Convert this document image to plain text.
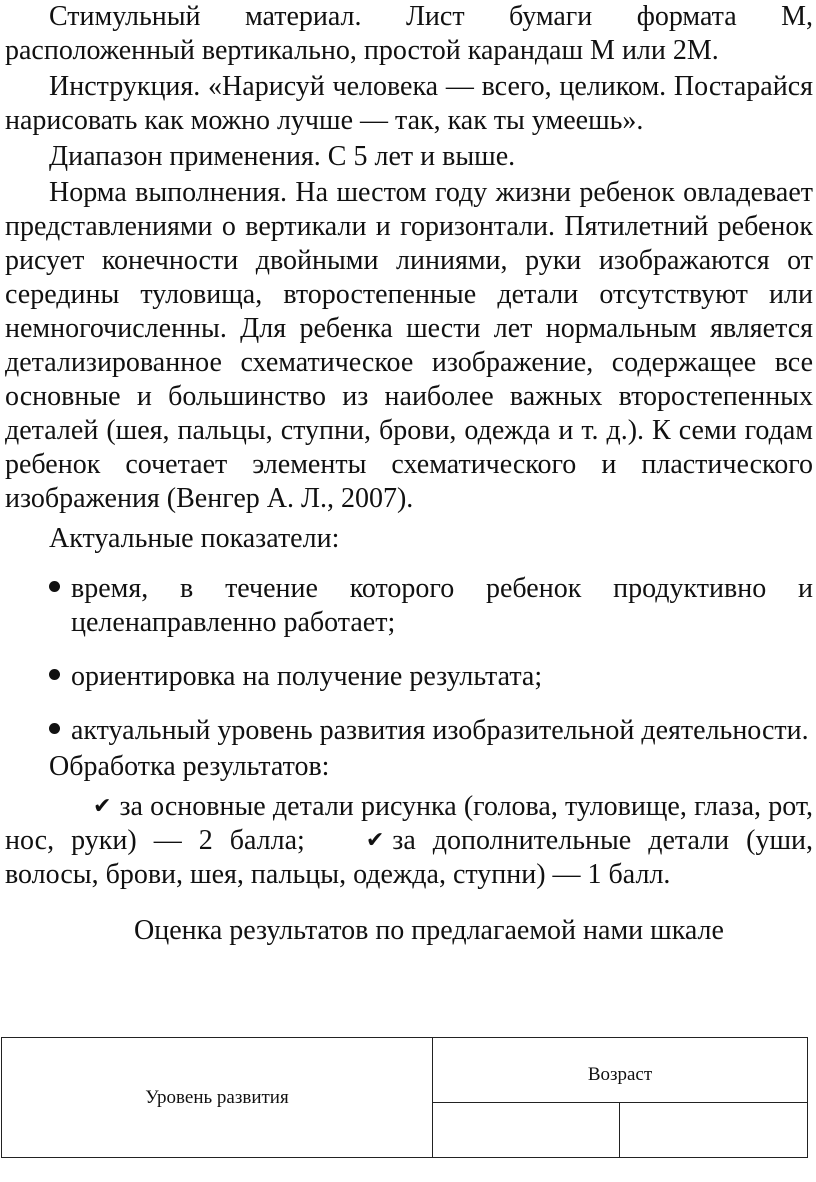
Стимульный материал. Лист бумаги формата М, расположенный вертикально, простой карандаш М или 2М.

Инструкция. «Нарисуй человека — всего, целиком. Постарайся нарисовать как можно лучше — так, как ты умеешь».

Диапазон применения. С 5 лет и выше.

Норма выполнения. На шестом году жизни ребенок овладевает представлениями о вертикали и горизонтали. Пятилетний ребенок рисует конечности двойными линиями, руки изображаются от середины туловища, второстепенные детали отсутствуют или немногочисленны. Для ребенка шести лет нормальным является детализированное схематическое изображение, содержащее все основные и большинство из наиболее важных второстепенных деталей (шея, пальцы, ступни, брови, одежда и т. д.). К семи годам ребенок сочетает элементы схематического и пластического изображения (Венгер А. Л., 2007).

Актуальные показатели:

время, в течение которого ребенок продуктивно и целенаправленно работает;
ориентировка на получение результата;
актуальный уровень развития изобразительной деятельности.

Обработка результатов:

✔ за основные детали рисунка (голова, туловище, глаза, рот, нос, руки) — 2 балла;	✔ за дополнительные детали (уши, волосы, брови, шея, пальцы, одежда, ступни) — 1 балл.

Оценка результатов по предлагаемой нами шкале

Уровень развития	Возраст	
